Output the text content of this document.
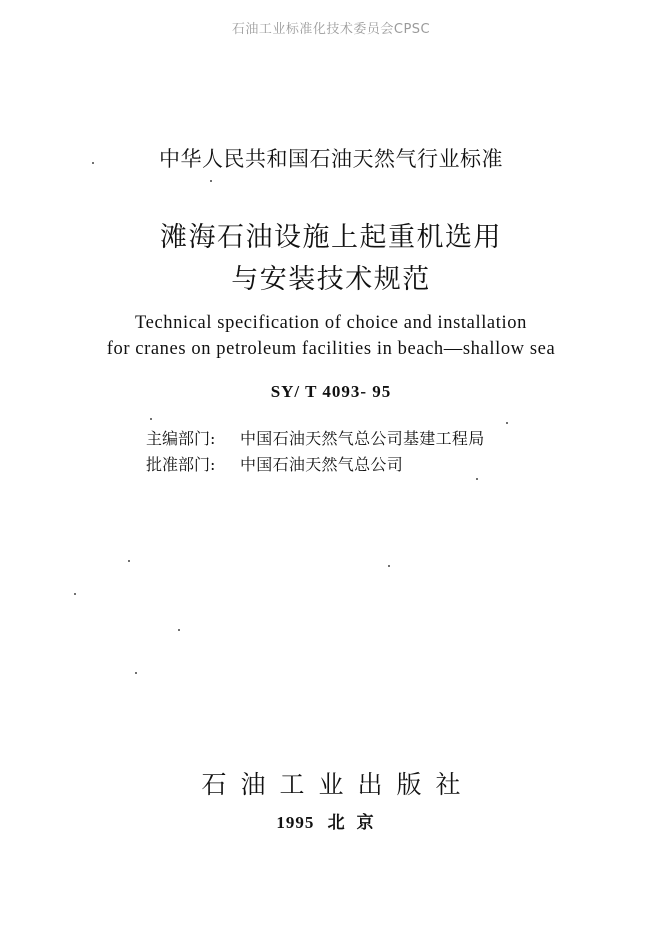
石油工业标准化技术委员会CPSC
中华人民共和国石油天然气行业标准
滩海石油设施上起重机选用
与安装技术规范
Technical specification of choice and installation
for cranes on petroleum facilities in beach—shallow sea
SY/ T 4093- 95
主编部门:	中国石油天然气总公司基建工程局
批准部门:	中国石油天然气总公司
石油工业出版社
1995 北京
